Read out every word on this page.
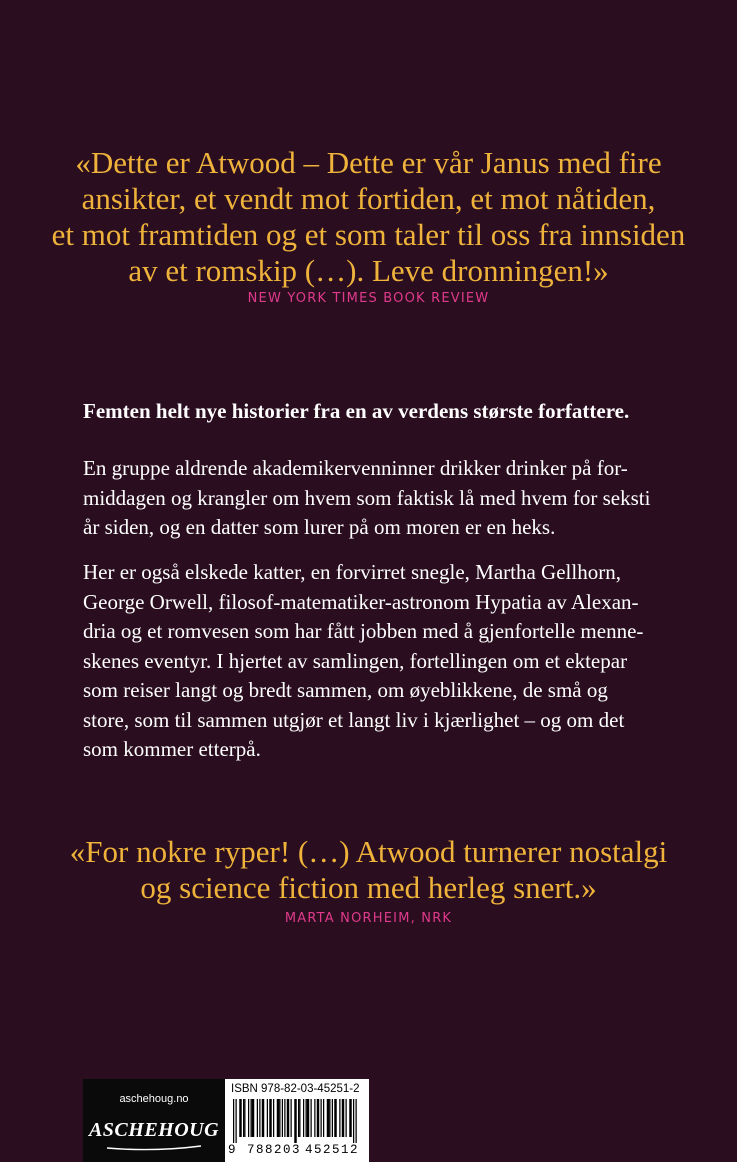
«Dette er Atwood – Dette er vår Janus med fire
ansikter, et vendt mot fortiden, et mot nåtiden,
et mot framtiden og et som taler til oss fra innsiden
av et romskip (…). Leve dronningen!»
NEW YORK TIMES BOOK REVIEW
Femten helt nye historier fra en av verdens største forfattere.
En gruppe aldrende akademikervenninner drikker drinker på for-
middagen og krangler om hvem som faktisk lå med hvem for seksti
år siden, og en datter som lurer på om moren er en heks.
Her er også elskede katter, en forvirret snegle, Martha Gellhorn,
George Orwell, filosof-matematiker-astronom Hypatia av Alexan-
dria og et romvesen som har fått jobben med å gjenfortelle menne-
skenes eventyr. I hjertet av samlingen, fortellingen om et ektepar
som reiser langt og bredt sammen, om øyeblikkene, de små og
store, som til sammen utgjør et langt liv i kjærlighet – og om det
som kommer etterpå.
«For nokre ryper! (…) Atwood turnerer nostalgi
og science fiction med herleg snert.»
MARTA NORHEIM, NRK
aschehoug.no
ASCHEHOUG
ISBN 978-82-03-45251-2
9 788203 452512
